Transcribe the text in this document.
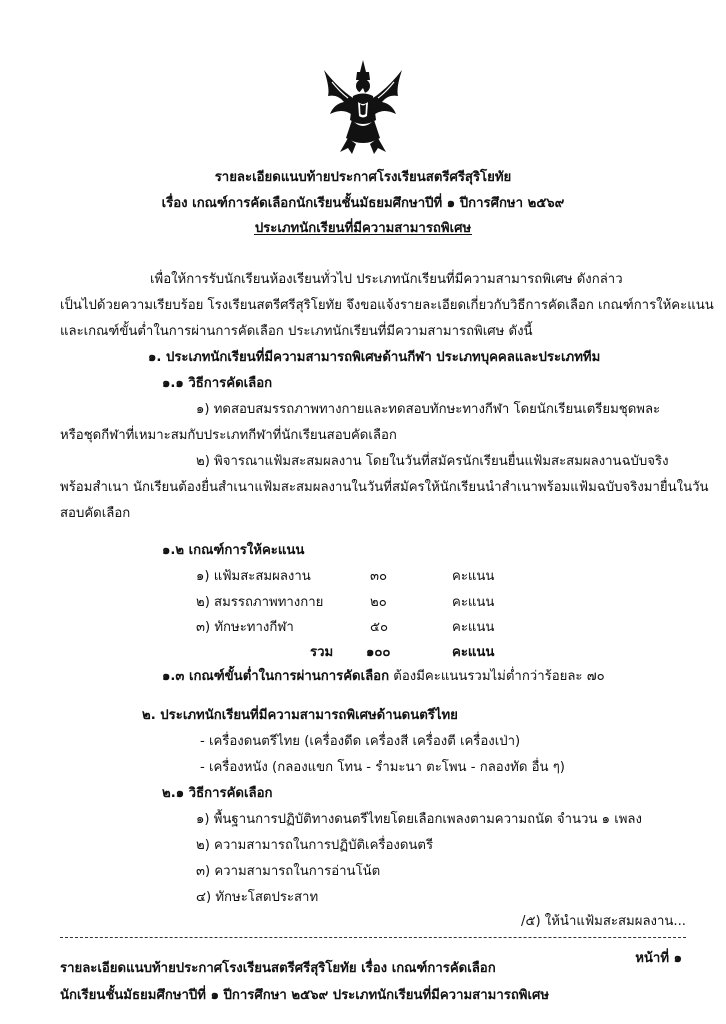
รายละเอียดแนบท้ายประกาศโรงเรียนสตรีศรีสุริโยทัย
เรื่อง เกณฑ์การคัดเลือกนักเรียนชั้นมัธยมศึกษาปีที่ ๑ ปีการศึกษา ๒๕๖๙
ประเภทนักเรียนที่มีความสามารถพิเศษ
เพื่อให้การรับนักเรียนห้องเรียนทั่วไป ประเภทนักเรียนที่มีความสามารถพิเศษ ดังกล่าว
เป็นไปด้วยความเรียบร้อย โรงเรียนสตรีศรีสุริโยทัย จึงขอแจ้งรายละเอียดเกี่ยวกับวิธีการคัดเลือก เกณฑ์การให้คะแนน
และเกณฑ์ขั้นต่ำในการผ่านการคัดเลือก ประเภทนักเรียนที่มีความสามารถพิเศษ ดังนี้
๑. ประเภทนักเรียนที่มีความสามารถพิเศษด้านกีฬา ประเภทบุคคลและประเภททีม
๑.๑ วิธีการคัดเลือก
๑) ทดสอบสมรรถภาพทางกายและทดสอบทักษะทางกีฬา โดยนักเรียนเตรียมชุดพละ
หรือชุดกีฬาที่เหมาะสมกับประเภทกีฬาที่นักเรียนสอบคัดเลือก
๒) พิจารณาแฟ้มสะสมผลงาน โดยในวันที่สมัครนักเรียนยื่นแฟ้มสะสมผลงานฉบับจริง
พร้อมสำเนา นักเรียนต้องยื่นสำเนาแฟ้มสะสมผลงานในวันที่สมัครให้นักเรียนนำสำเนาพร้อมแฟ้มฉบับจริงมายื่นในวัน
สอบคัดเลือก
๑.๒ เกณฑ์การให้คะแนน
๑) แฟ้มสะสมผลงาน	๓๐	คะแนน
๒) สมรรถภาพทางกาย	๒๐	คะแนน
๓) ทักษะทางกีฬา	๕๐	คะแนน
รวม ๑๐๐	คะแนน
๑.๓ เกณฑ์ขั้นต่ำในการผ่านการคัดเลือก ต้องมีคะแนนรวมไม่ต่ำกว่าร้อยละ ๗๐
๒. ประเภทนักเรียนที่มีความสามารถพิเศษด้านดนตรีไทย
- เครื่องดนตรีไทย (เครื่องดีด เครื่องสี เครื่องตี เครื่องเป่า)
- เครื่องหนัง (กลองแขก โทน - รำมะนา ตะโพน - กลองทัด อื่น ๆ)
๒.๑ วิธีการคัดเลือก
๑) พื้นฐานการปฏิบัติทางดนตรีไทยโดยเลือกเพลงตามความถนัด จำนวน ๑ เพลง
๒) ความสามารถในการปฏิบัติเครื่องดนตรี
๓) ความสามารถในการอ่านโน้ต
๔) ทักษะโสตประสาท
/๕) ให้นำแฟ้มสะสมผลงาน...
รายละเอียดแนบท้ายประกาศโรงเรียนสตรีศรีสุริโยทัย เรื่อง เกณฑ์การคัดเลือก
นักเรียนชั้นมัธยมศึกษาปีที่ ๑ ปีการศึกษา ๒๕๖๙ ประเภทนักเรียนที่มีความสามารถพิเศษ
หน้าที่ ๑
